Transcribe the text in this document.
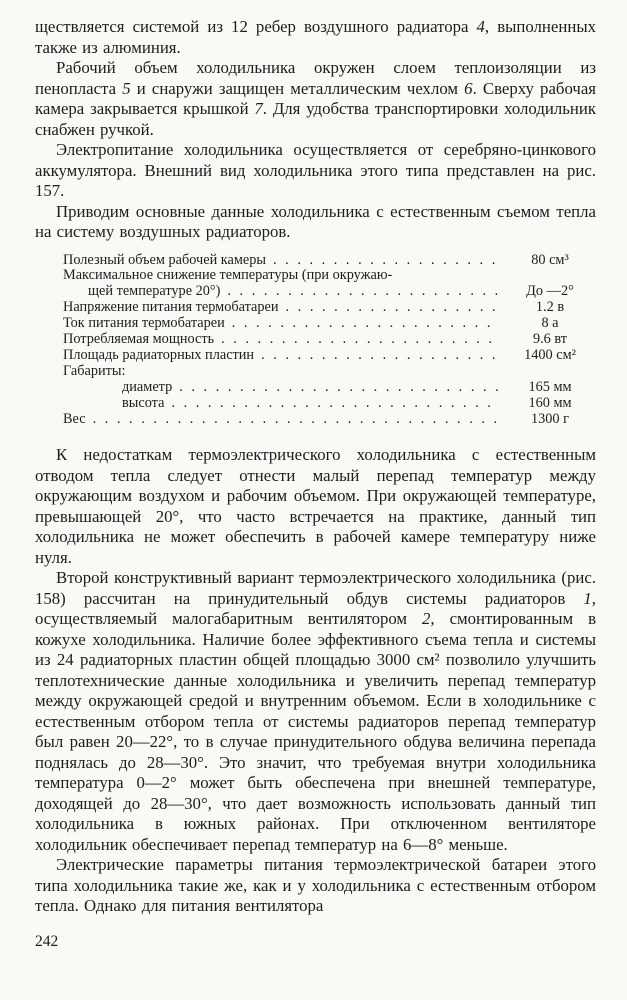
ществляется системой из 12 ребер воздушного радиатора 4, выполненных также из алюминия.

Рабочий объем холодильника окружен слоем теплоизоляции из пенопласта 5 и снаружи защищен металлическим чехлом 6. Сверху рабочая камера закрывается крышкой 7. Для удобства транспортировки холодильник снабжен ручкой.

Электропитание холодильника осуществляется от серебряно-цинкового аккумулятора. Внешний вид холодильника этого типа представлен на рис. 157.

Приводим основные данные холодильника с естественным съемом тепла на систему воздушных радиаторов.

Полезный объем рабочей камеры . . .	80 см³
Максимальное снижение температуры (при окружаю-
щей температуре 20°) . . .	До —2°
Напряжение питания термобатареи . . .	1.2 в
Ток питания термобатареи . . .	8 а
Потребляемая мощность . . .	9.6 вт
Площадь радиаторных пластин . . .	1400 см²
Габариты:
диаметр . . .	165 мм
высота . . .	160 мм
Вес . . .	1300 г

К недостаткам термоэлектрического холодильника с естественным отводом тепла следует отнести малый перепад температур между окружающим воздухом и рабочим объемом. При окружающей температуре, превышающей 20°, что часто встречается на практике, данный тип холодильника не может обеспечить в рабочей камере температуру ниже нуля.

Второй конструктивный вариант термоэлектрического холодильника (рис. 158) рассчитан на принудительный обдув системы радиаторов 1, осуществляемый малогабаритным вентилятором 2, смонтированным в кожухе холодильника. Наличие более эффективного съема тепла и системы из 24 радиаторных пластин общей площадью 3000 см² позволило улучшить теплотехнические данные холодильника и увеличить перепад температур между окружающей средой и внутренним объемом. Если в холодильнике с естественным отбором тепла от системы радиаторов перепад температур был равен 20—22°, то в случае принудительного обдува величина перепада поднялась до 28—30°. Это значит, что требуемая внутри холодильника температура 0—2° может быть обеспечена при внешней температуре, доходящей до 28—30°, что дает возможность использовать данный тип холодильника в южных районах. При отключенном вентиляторе холодильник обеспечивает перепад температур на 6—8° меньше.

Электрические параметры питания термоэлектрической батареи этого типа холодильника такие же, как и у холодильника с естественным отбором тепла. Однако для питания вентилятора

242
